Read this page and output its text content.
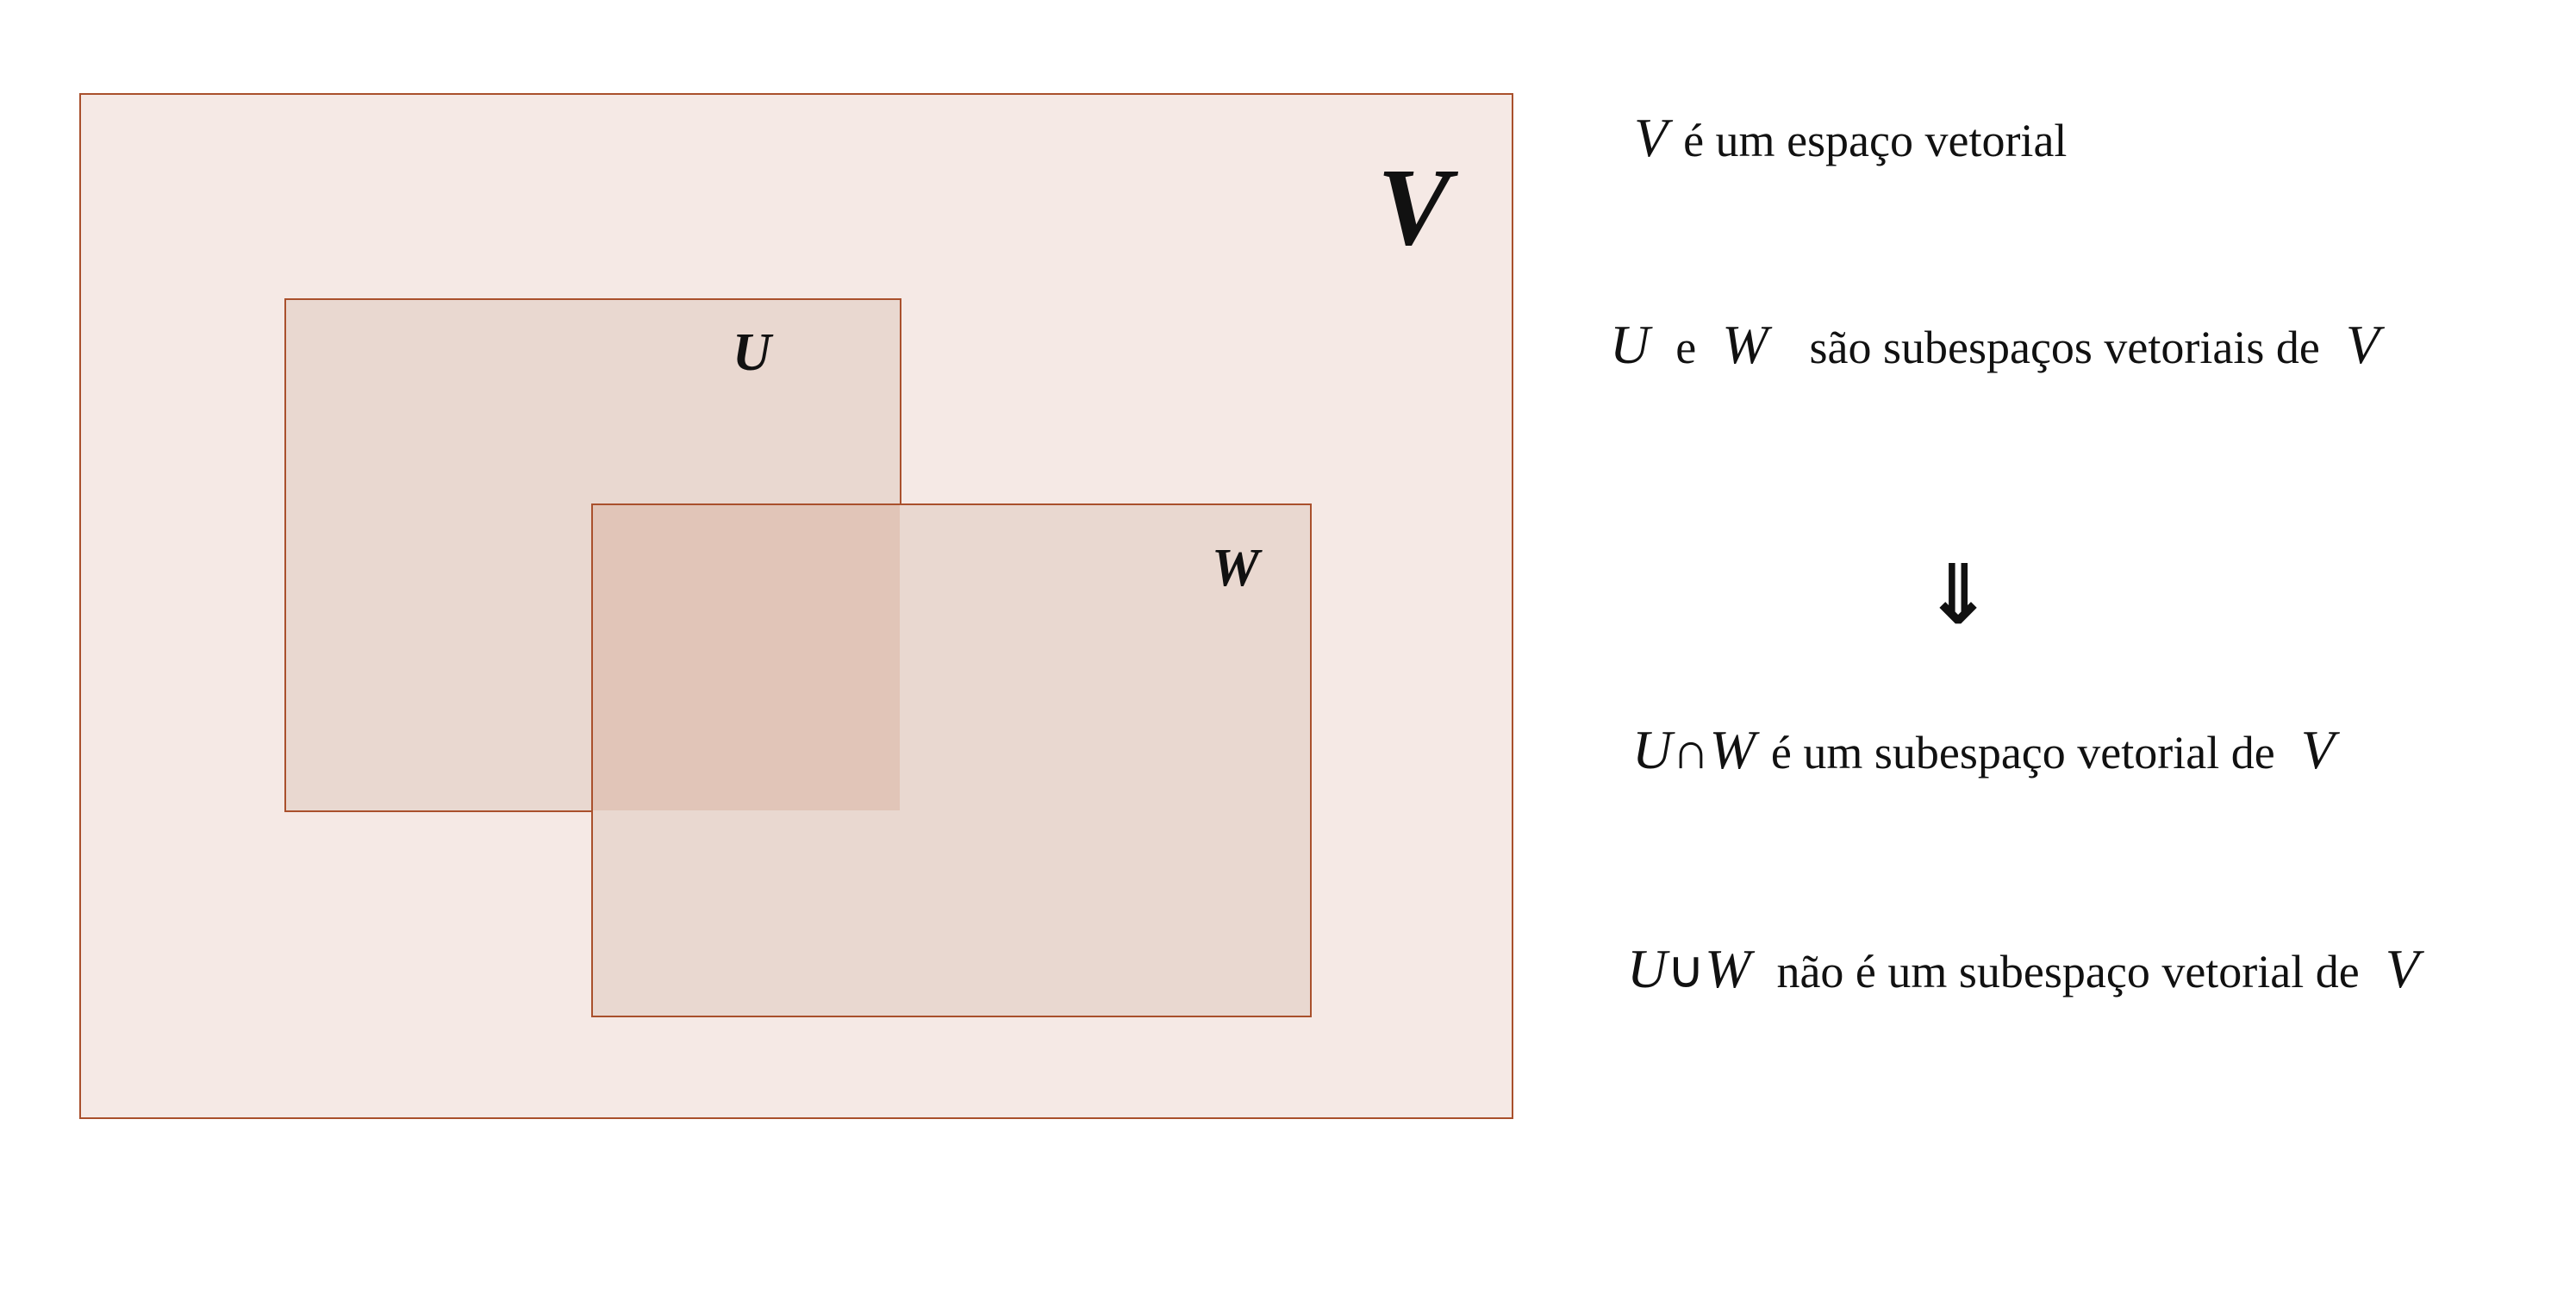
V
U
W
V é um espaço vetorial
U e W são subespaços vetoriais de V
⇓
U∩W é um subespaço vetorial de V
U∪W não é um subespaço vetorial de V
